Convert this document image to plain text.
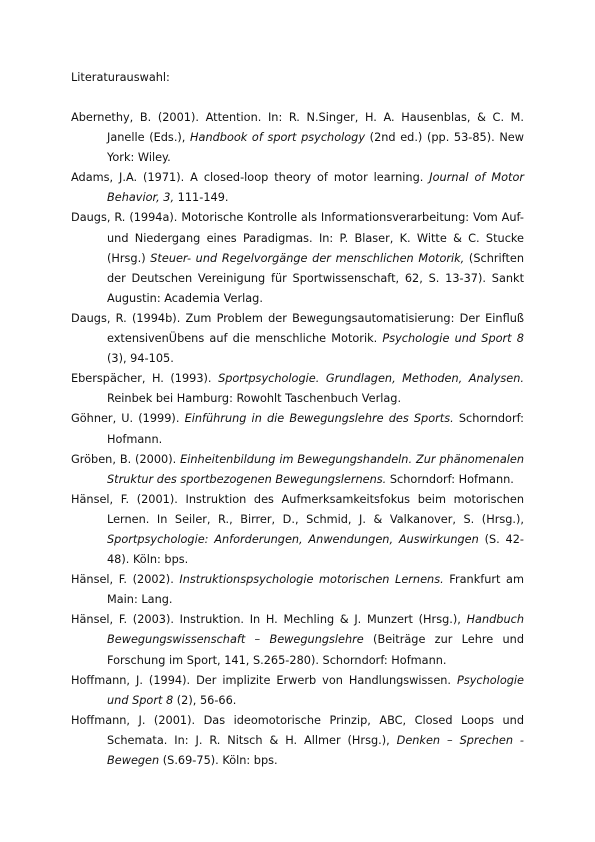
Literaturauswahl:

Abernethy, B. (2001). Attention. In: R. N.Singer, H. A. Hausenblas, & C. M. Janelle (Eds.), Handbook of sport psychology (2nd ed.) (pp. 53-85). New York: Wiley.

Adams, J.A. (1971). A closed-loop theory of motor learning. Journal of Motor Behavior, 3, 111-149.

Daugs, R. (1994a). Motorische Kontrolle als Informationsverarbeitung: Vom Auf- und Niedergang eines Paradigmas. In: P. Blaser, K. Witte & C. Stucke (Hrsg.) Steuer- und Regelvorgänge der menschlichen Motorik, (Schriften der Deutschen Vereinigung für Sportwissenschaft, 62, S. 13-37). Sankt Augustin: Academia Verlag.

Daugs, R. (1994b). Zum Problem der Bewegungsautomatisierung: Der Einfluß extensivenÜbens auf die menschliche Motorik. Psychologie und Sport 8 (3), 94-105.

Eberspächer, H. (1993). Sportpsychologie. Grundlagen, Methoden, Analysen. Reinbek bei Hamburg: Rowohlt Taschenbuch Verlag.

Göhner, U. (1999). Einführung in die Bewegungslehre des Sports. Schorndorf: Hofmann.

Gröben, B. (2000). Einheitenbildung im Bewegungshandeln. Zur phänomenalen Struktur des sportbezogenen Bewegungslernens. Schorndorf: Hofmann.

Hänsel, F. (2001). Instruktion des Aufmerksamkeitsfokus beim motorischen Lernen. In Seiler, R., Birrer, D., Schmid, J. & Valkanover, S. (Hrsg.), Sportpsychologie: Anforderungen, Anwendungen, Auswirkungen (S. 42-48). Köln: bps.

Hänsel, F. (2002). Instruktionspsychologie motorischen Lernens. Frankfurt am Main: Lang.

Hänsel, F. (2003). Instruktion. In H. Mechling & J. Munzert (Hrsg.), Handbuch Bewegungswissenschaft – Bewegungslehre (Beiträge zur Lehre und Forschung im Sport, 141, S.265-280). Schorndorf: Hofmann.

Hoffmann, J. (1994). Der implizite Erwerb von Handlungswissen. Psychologie und Sport 8 (2), 56-66.

Hoffmann, J. (2001). Das ideomotorische Prinzip, ABC, Closed Loops und Schemata. In: J. R. Nitsch & H. Allmer (Hrsg.), Denken – Sprechen - Bewegen (S.69-75). Köln: bps.
